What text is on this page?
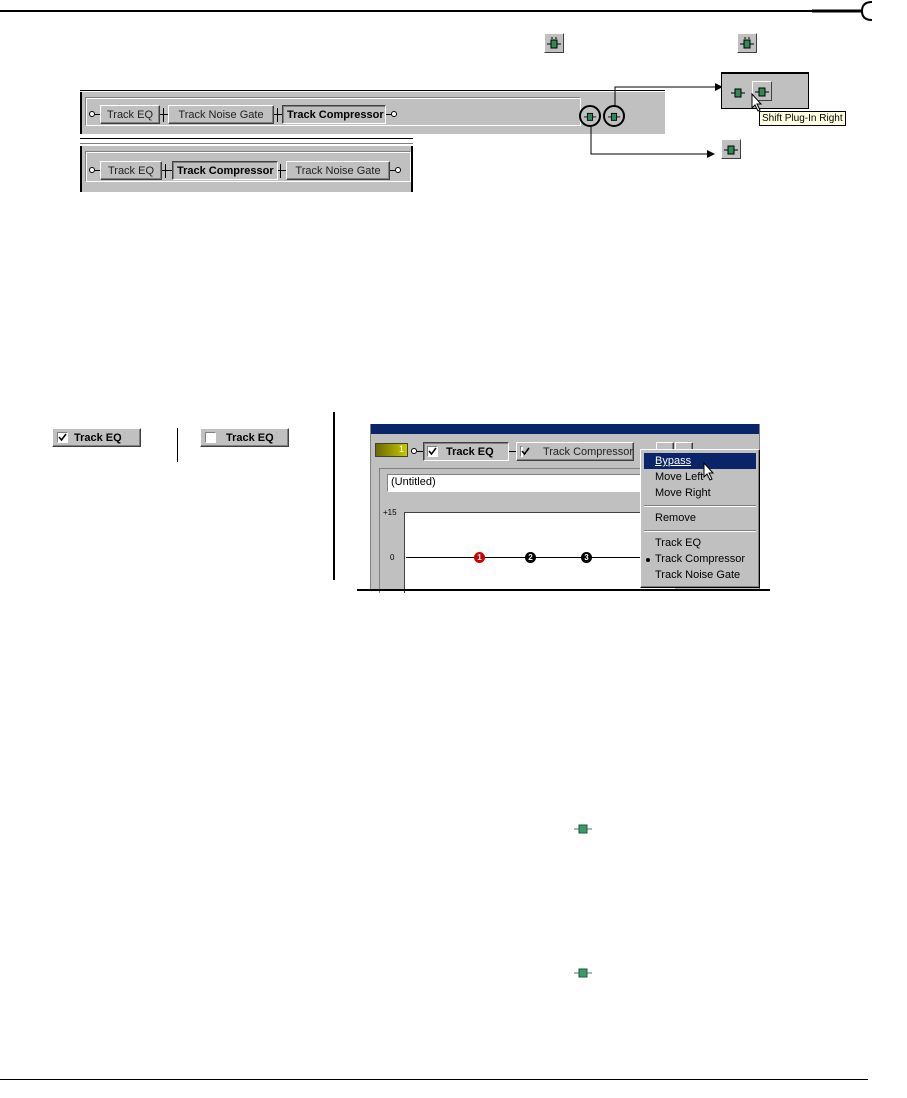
Track EQ	Track Noise Gate	Track Compressor	Shift Plug-In Right
Track EQ	Track Compressor	Track Noise Gate
Track EQ	Track EQ
1	Track EQ	Track Compressor
(Untitled)
+15
0	1	2	3
Bypass
Move Left
Move Right
Remove
Track EQ
Track Compressor
Track Noise Gate
